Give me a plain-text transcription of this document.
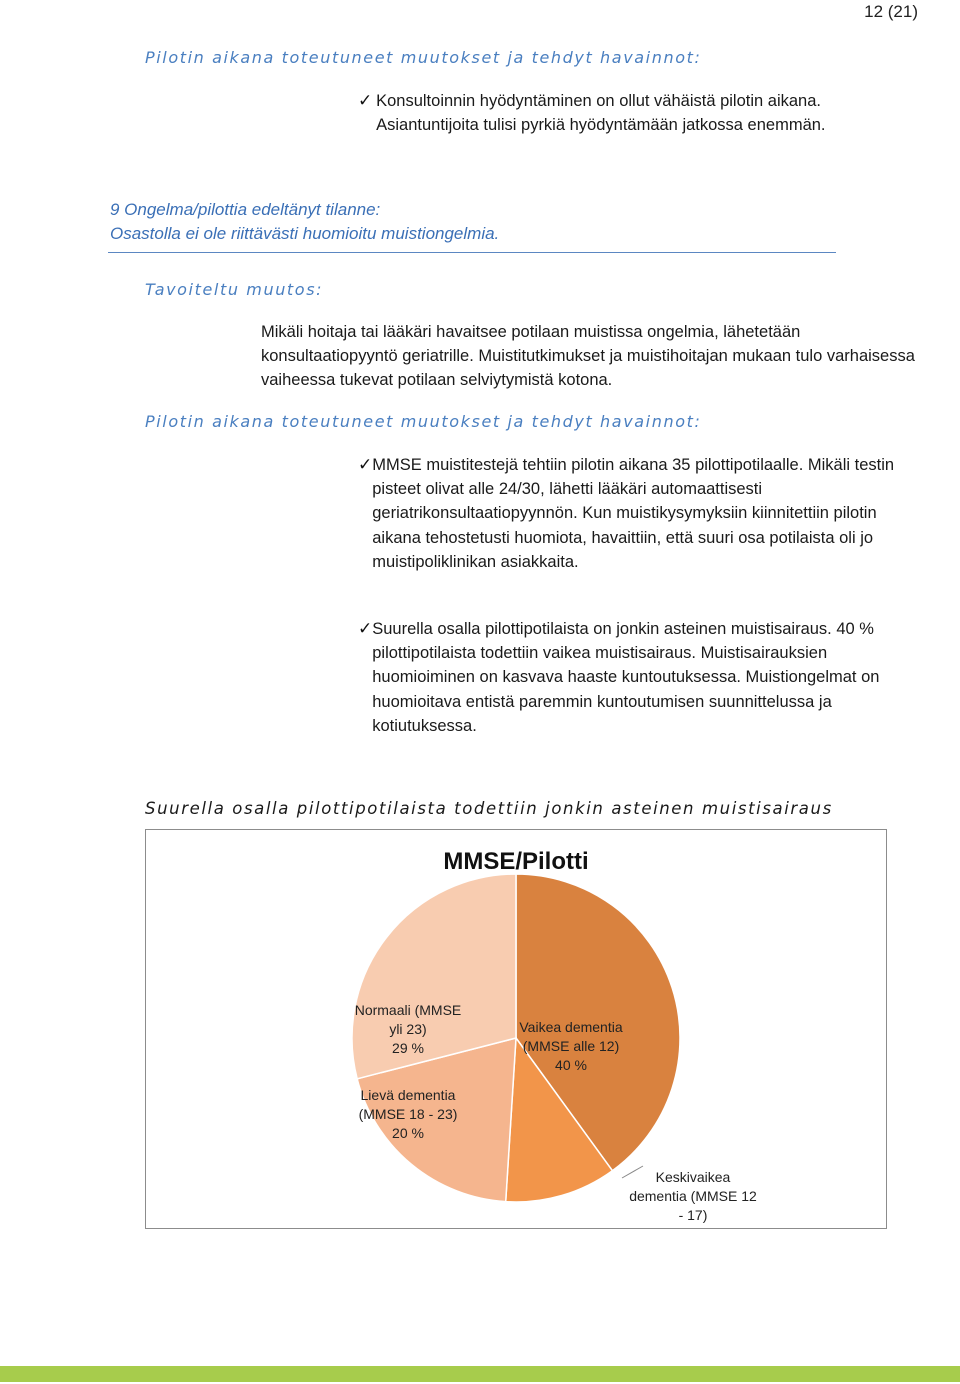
12 (21)
Pilotin aikana toteutuneet muutokset ja tehdyt havainnot:
✓ Konsultoinnin hyödyntäminen on ollut vähäistä pilotin aikana. Asiantuntijoita tulisi pyrkiä hyödyntämään jatkossa enemmän.
9 Ongelma/pilottia edeltänyt tilanne:
Osastolla ei ole riittävästi huomioitu muistiongelmia.
Tavoiteltu muutos:
Mikäli hoitaja tai lääkäri havaitsee potilaan muistissa ongelmia, lähetetään konsultaatiopyyntö geriatrille. Muistitutkimukset ja muistihoitajan mukaan tulo varhaisessa vaiheessa tukevat potilaan selviytymistä kotona.
Pilotin aikana toteutuneet muutokset ja tehdyt havainnot:
✓ MMSE muistitestejä tehtiin pilotin aikana 35 pilottipotilaalle. Mikäli testin pisteet olivat alle 24/30, lähetti lääkäri automaattisesti geriatrikonsultaatiopyynnön. Kun muistikysymyksiin kiinnitettiin pilotin aikana tehostetusti huomiota, havaittiin, että suuri osa potilaista oli jo muistipoliklinikan asiakkaita.
✓ Suurella osalla pilottipotilaista on jonkin asteinen muistisairaus. 40 % pilottipotilaista todettiin vaikea muistisairaus. Muistisairauksien huomioiminen on kasvava haaste kuntoutuksessa. Muistiongelmat on huomioitava entistä paremmin kuntoutumisen suunnittelussa ja kotiutuksessa.
Suurella osalla pilottipotilaista todettiin jonkin asteinen muistisairaus
MMSE/Pilotti
Vaikea dementia (MMSE alle 12) 40 %
Keskivaikea dementia (MMSE 12 - 17)
Lievä dementia (MMSE 18 - 23) 20 %
Normaali (MMSE yli 23) 29 %
